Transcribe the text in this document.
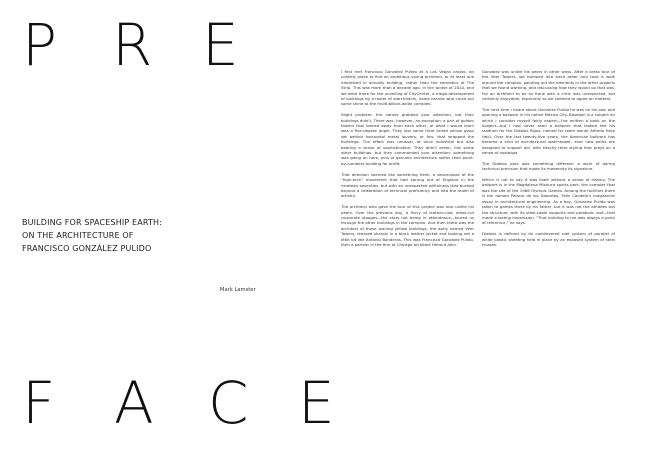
P R E
BUILDING FOR SPACESHIP EARTH:
ON THE ARCHITECTURE OF
FRANCISCO GONZÁLEZ PULIDO
Mark Lamster
F A C E

I first met Francisco Gonzalez Pulido at a Las Vegas casino, an unlikely place to find an ambitious young architect, or at least one interested in actually building, rather than the semiotics of The Strip. This was more than a decade ago, in the winter of 2010, and we were there for the unveiling of CityCenter, a mega-development of buildings by a roster of starchitects, name brands who could put some shine to the multi-billion-dollar complex.

Slight problem: the names grabbed your attention, but their buildings didn't. There was, however, an exception: a pair of golden towers that leaned away from each other, or what I would learn was a five-degree angle. They lost some front tinted yellow glass set behind horizontal metal louvers, or fins, that wrapped the buildings. The effect was unusual, at once industrial but also bearing a sense of sophistication. They didn't preen, like some other buildings, but they commanded your attention: something was going on here, acts of genuine architecture rather than point-by-numbers building for profit.

That direction seemed like something fresh, a descendant of the "high-tech" movement that had sprung out of England in the nineteen-seventies, but with an unexpected willfulness that pushed beyond a celebration of technical proficiency and into the realm of artistry.

The architect who gave the tour of this project was also unlike his peers. Over the previous day, a flurry of leather-clad, dress-cut corporate stooges—the stars not being in attendance—toured us through the other buildings in the complex. And then there was the architect of those leaning yellow buildings, the aptly named Veer Towers, dressed sharply in a black leather jacket and looking not a little bit like Antonio Banderas. This was Francisco Gonzalez Pulido, then a partner in the firm of Chicago architect Helmut Jahn.

Gonzalez was unlike his peers in other ways. After a press tour of the Veer Towers, we bumped into each other and took a walk around the complex, pointing out the elements in the other projects that we found wanting, and discussing how they would up that way. For an architect to be so frank with a critic was unexpected, but certainly enjoyable, especially as we seemed to agree on matters.

The next time I heard about Gonzalez Pulido he was on his own and opening a ballpark in his native Mexico City. Baseball is a subject on which I consider myself fairly expert—I've written a book on the subject—but I had never seen a ballpark that looked like his stadium for the Diablos Rojos, named for team owner Alfredo Harp Helú. Over the last twenty-five years, the American ballpark has become a kind of architectural watchtower, ever new parks are designed to support old, with kitschy retro styling that preys on a sense of nostalgia.

The Diablos park was something different: a work of daring technical precision that made its modernity its signature.

Which is not to say it was itself without a sense of history. The ballpark is in the Magdalena Mixhuca sports park, the complex that was the site of the 1968 Olympic Games. Among the facilities there is the domed Palacio de los Deportes, Felix Candela's magisterial essay in architectural engineering. As a boy, Gonzalez Pulido was taken to games there by his father, but it was not the athletes but the structure, with its steel-cable supports and parabolic roof—that made a lasting impression. "That building to me was always a point of reference," he says.

Diablos is defined by its cantilevered roof system of parallel of white plastic sheeting held in place by an exposed system of steel trusses.
